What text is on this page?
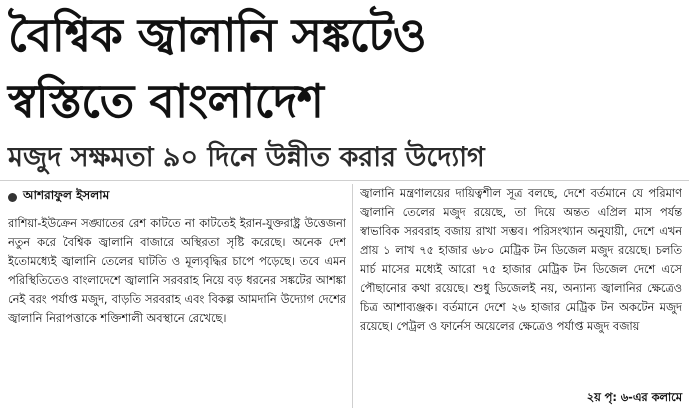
বৈশ্বিক জ্বালানি সঙ্কটেও
স্বস্তিতে বাংলাদেশ
মজুদ সক্ষমতা ৯০ দিনে উন্নীত করার উদ্যোগ
আশরাফুল ইসলাম
রাশিয়া-ইউক্রেন সঙ্ঘাতের রেশ কাটতে না কাটতেই ইরান-যুক্তরাষ্ট্র উত্তেজনা নতুন করে বৈশ্বিক জ্বালানি বাজারে অস্থিরতা সৃষ্টি করেছে। অনেক দেশ ইতোমধ্যেই জ্বালানি তেলের ঘাটতি ও মূল্যবৃদ্ধির চাপে পড়েছে। তবে এমন পরিস্থিতিতেও বাংলাদেশে জ্বালানি সরবরাহ নিয়ে বড় ধরনের সঙ্কটের আশঙ্কা নেই বরং পর্যাপ্ত মজুদ, বাড়তি সরবরাহ এবং বিকল্প আমদানি উদ্যোগ দেশের জ্বালানি নিরাপত্তাকে শক্তিশালী অবস্থানে রেখেছে।
জ্বালানি মন্ত্রণালয়ের দায়িত্বশীল সূত্র বলছে, দেশে বর্তমানে যে পরিমাণ জ্বালানি তেলের মজুদ রয়েছে, তা দিয়ে অন্তত এপ্রিল মাস পর্যন্ত স্বাভাবিক সরবরাহ বজায় রাখা সম্ভব। পরিসংখ্যান অনুযায়ী, দেশে এখন প্রায় ১ লাখ ৭৫ হাজার ৬৮০ মেট্রিক টন ডিজেল মজুদ রয়েছে। চলতি মার্চ মাসের মধ্যেই আরো ৭৫ হাজার মেট্রিক টন ডিজেল দেশে এসে পৌছানোর কথা রয়েছে। শুধু ডিজেলই নয়, অন্যান্য জ্বালানির ক্ষেত্রেও চিত্র আশাব্যঞ্জক। বর্তমানে দেশে ২৬ হাজার মেট্রিক টন অকটেন মজুদ রয়েছে। পেট্রল ও ফার্নেস অয়েলের ক্ষেত্রেও পর্যাপ্ত মজুদ বজায়
২য় পৃ: ৬-এর কলামে
